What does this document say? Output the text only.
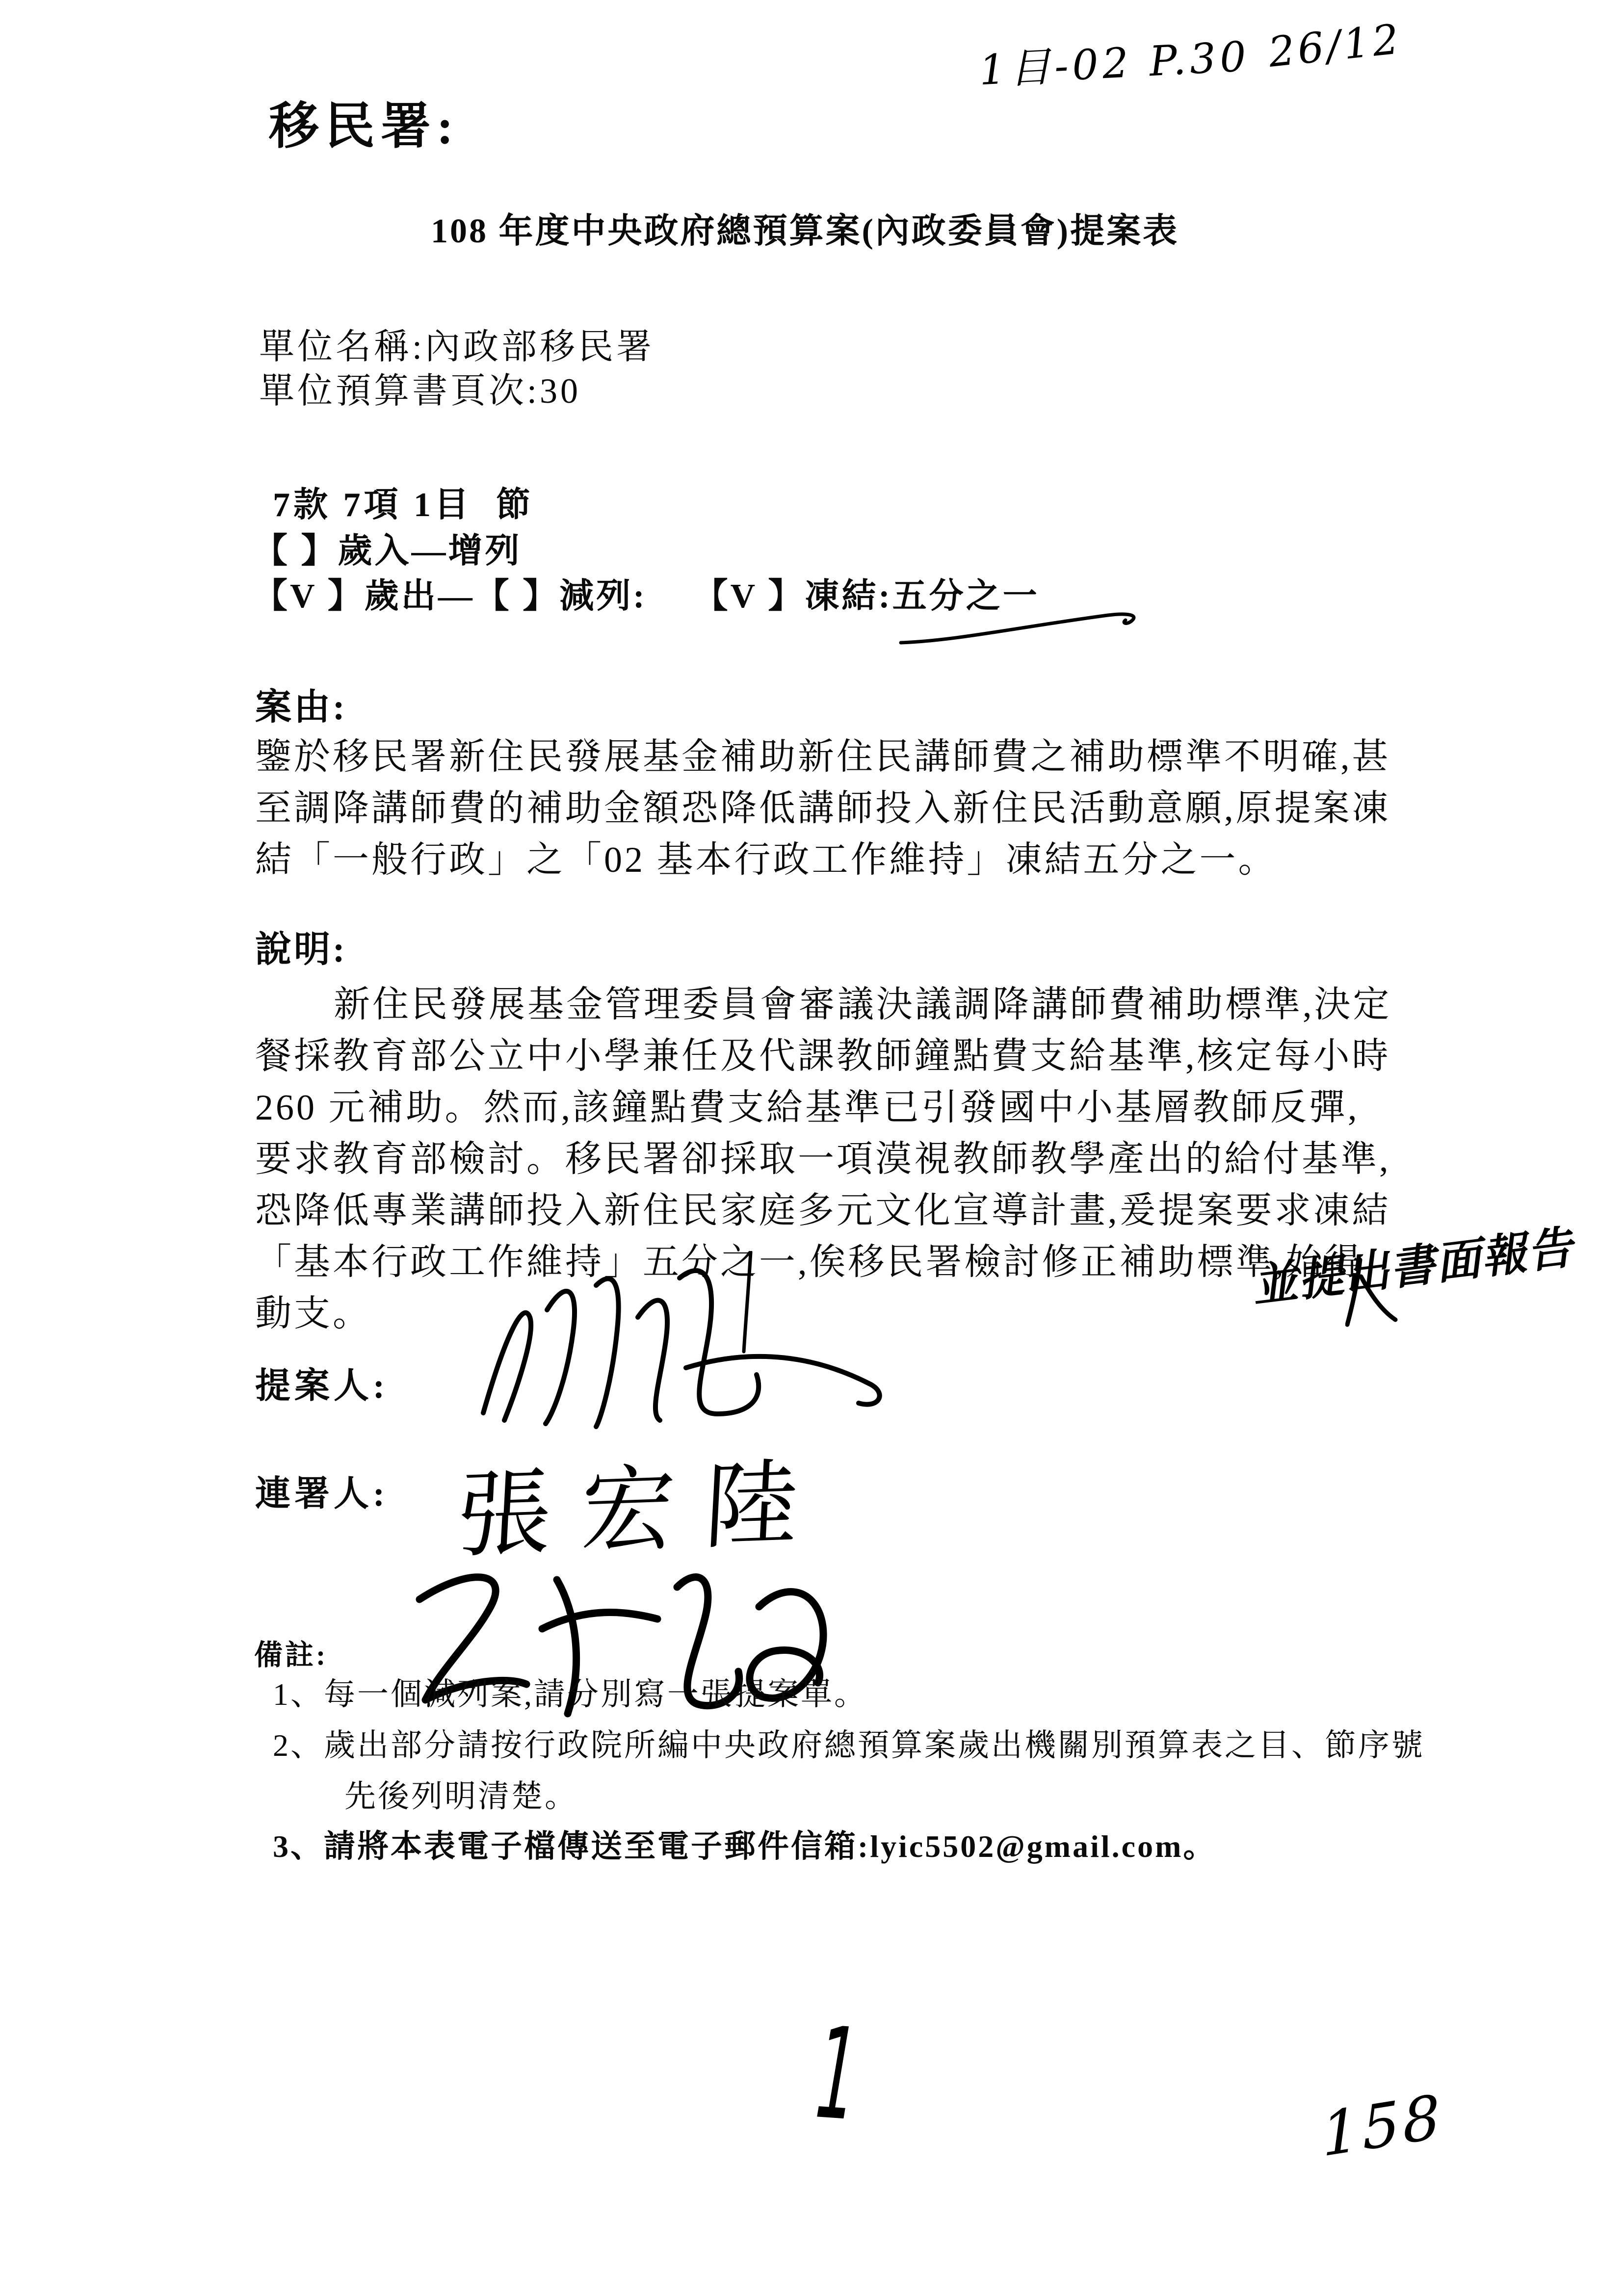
1目-02 P.30 26/12
移民署:
108 年度中央政府總預算案(內政委員會)提案表
單位名稱:內政部移民署
單位預算書頁次:30
7款 7項 1目  節
【 】歲入—增列
【V 】歲出—【 】減列: 【V 】凍結:五分之一
案由:
鑒於移民署新住民發展基金補助新住民講師費之補助標準不明確,甚
至調降講師費的補助金額恐降低講師投入新住民活動意願,原提案凍
結「一般行政」之「02 基本行政工作維持」凍結五分之一。
說明:
新住民發展基金管理委員會審議決議調降講師費補助標準,決定
餐採教育部公立中小學兼任及代課教師鐘點費支給基準,核定每小時
260 元補助。然而,該鐘點費支給基準已引發國中小基層教師反彈,
要求教育部檢討。移民署卻採取一項漠視教師教學產出的給付基準,
恐降低專業講師投入新住民家庭多元文化宣導計畫,爰提案要求凍結
「基本行政工作維持」五分之一,俟移民署檢討修正補助標準,始得
動支。
並提出書面報告
提案人:
連署人: 張宏陸
備註:
1、每一個減列案,請分別寫一張提案單。
2、歲出部分請按行政院所編中央政府總預算案歲出機關別預算表之目、節序號
先後列明清楚。
3、請將本表電子檔傳送至電子郵件信箱:lyic5502@gmail.com。
1	158
